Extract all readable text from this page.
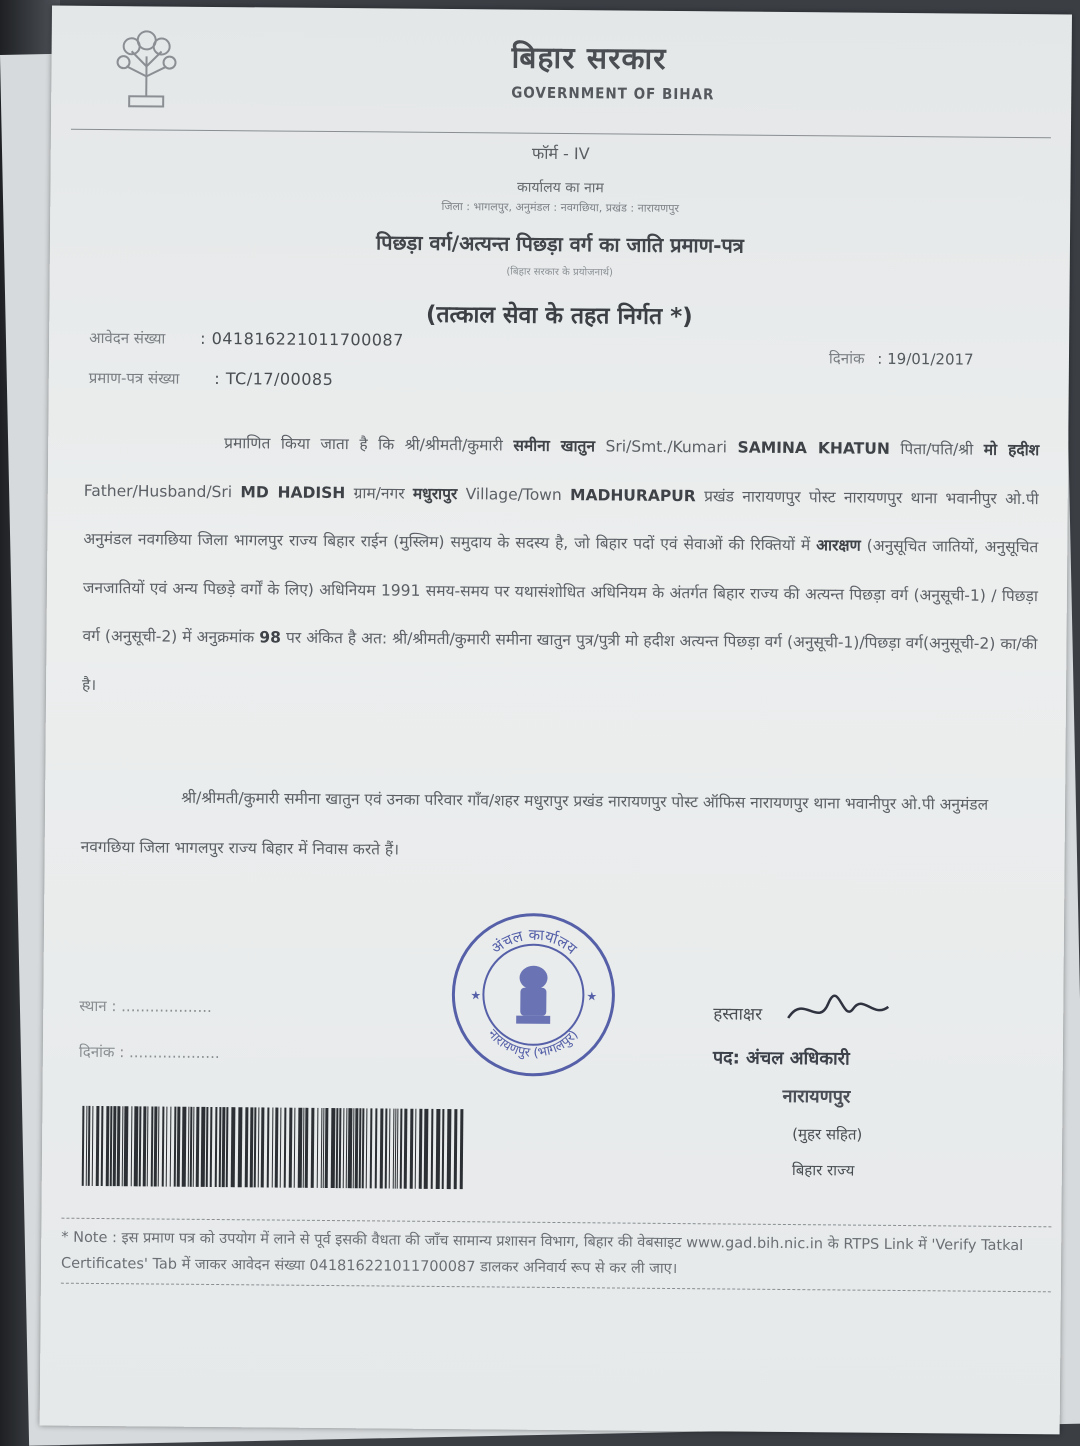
बिहार सरकार
GOVERNMENT OF BIHAR
फॉर्म - IV
कार्यालय का नाम
जिला : भागलपुर, अनुमंडल : नवगछिया, प्रखंड : नारायणपुर
पिछड़ा वर्ग/अत्यन्त पिछड़ा वर्ग का जाति प्रमाण-पत्र
(बिहार सरकार के प्रयोजनार्थ)
(तत्काल सेवा के तहत निर्गत *)
आवेदन संख्या : 041816221011700087
दिनांक : 19/01/2017
प्रमाण-पत्र संख्या : TC/17/00085
प्रमाणित किया जाता है कि श्री/श्रीमती/कुमारी समीना खातुन Sri/Smt./Kumari SAMINA KHATUN पिता/पति/श्री मो हदीश Father/Husband/Sri MD HADISH ग्राम/नगर मधुरापुर Village/Town MADHURAPUR प्रखंड नारायणपुर पोस्ट नारायणपुर थाना भवानीपुर ओ.पी अनुमंडल नवगछिया जिला भागलपुर राज्य बिहार राईन (मुस्लिम) समुदाय के सदस्य है, जो बिहार पदों एवं सेवाओं की रिक्तियों में आरक्षण (अनुसूचित जातियों, अनुसूचित जनजातियों एवं अन्य पिछड़े वर्गों के लिए) अधिनियम 1991 समय-समय पर यथासंशोधित अधिनियम के अंतर्गत बिहार राज्य की अत्यन्त पिछड़ा वर्ग (अनुसूची-1) / पिछड़ा वर्ग (अनुसूची-2) में अनुक्रमांक 98 पर अंकित है अत: श्री/श्रीमती/कुमारी समीना खातुन पुत्र/पुत्री मो हदीश अत्यन्त पिछड़ा वर्ग (अनुसूची-1)/पिछड़ा वर्ग(अनुसूची-2) का/की है।
श्री/श्रीमती/कुमारी समीना खातुन एवं उनका परिवार गाँव/शहर मधुरापुर प्रखंड नारायणपुर पोस्ट ऑफिस नारायणपुर थाना भवानीपुर ओ.पी अनुमंडल नवगछिया जिला भागलपुर राज्य बिहार में निवास करते हैं।
अंचल कार्यालय
नारायणपुर (भागलपुर)
★	★
स्थान : ...................
दिनांक : ...................
हस्ताक्षर
पद: अंचल अधिकारी
नारायणपुर
(मुहर सहित)
बिहार राज्य
* Note : इस प्रमाण पत्र को उपयोग में लाने से पूर्व इसकी वैधता की जाँच सामान्य प्रशासन विभाग, बिहार की वेबसाइट www.gad.bih.nic.in के RTPS Link में 'Verify Tatkal Certificates' Tab में जाकर आवेदन संख्या 041816221011700087 डालकर अनिवार्य रूप से कर ली जाए।
